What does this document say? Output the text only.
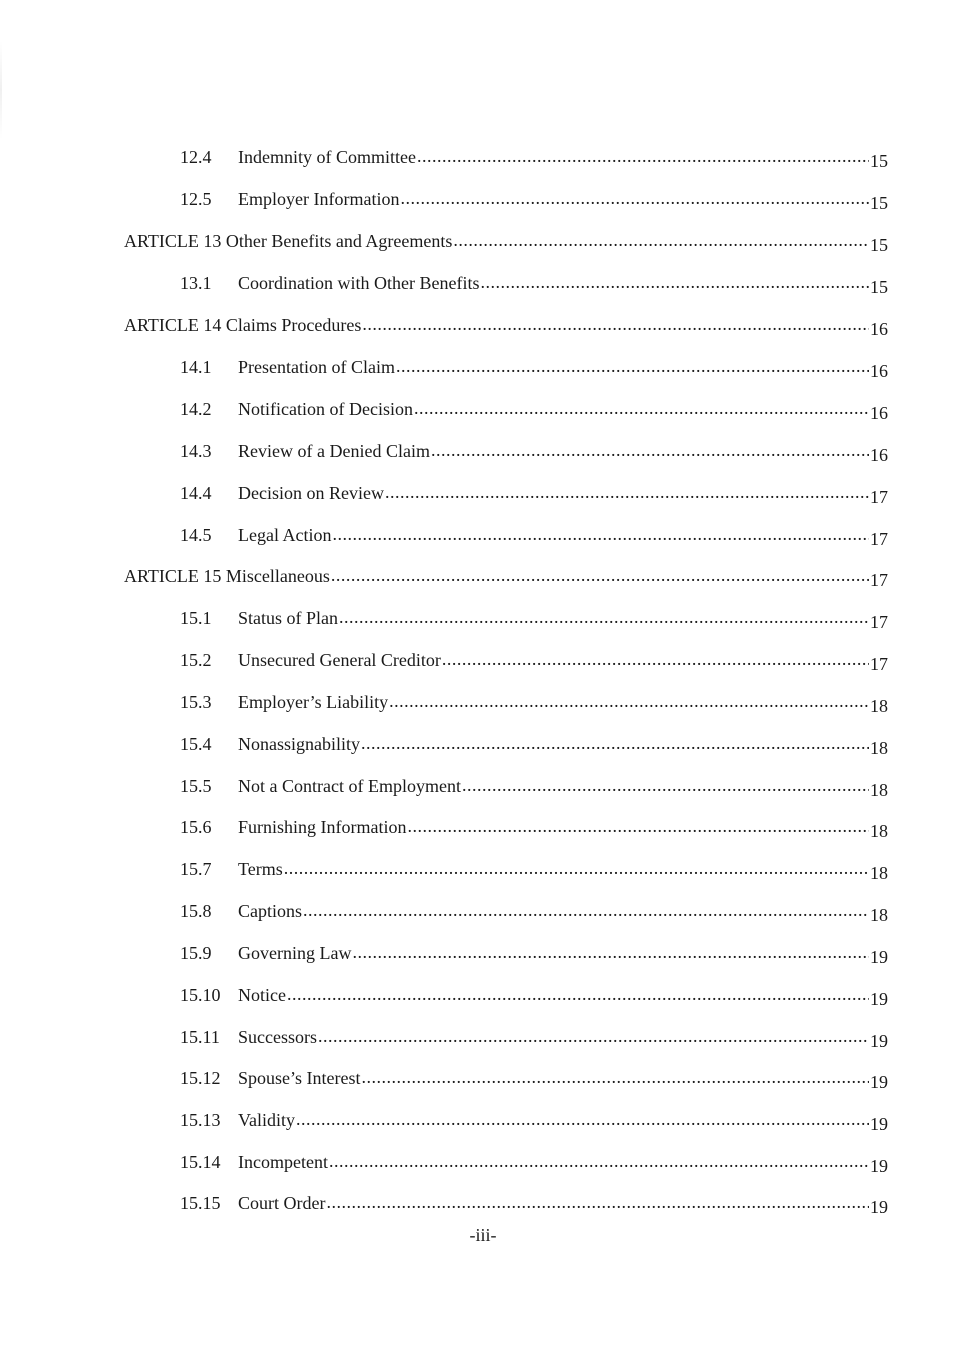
12.4	Indemnity of Committee .....	15
12.5	Employer Information .....	15
ARTICLE 13 Other Benefits and Agreements .....	15
13.1	Coordination with Other Benefits .....	15
ARTICLE 14 Claims Procedures .....	16
14.1	Presentation of Claim .....	16
14.2	Notification of Decision .....	16
14.3	Review of a Denied Claim .....	16
14.4	Decision on Review .....	17
14.5	Legal Action .....	17
ARTICLE 15 Miscellaneous .....	17
15.1	Status of Plan .....	17
15.2	Unsecured General Creditor .....	17
15.3	Employer’s Liability .....	18
15.4	Nonassignability .....	18
15.5	Not a Contract of Employment .....	18
15.6	Furnishing Information .....	18
15.7	Terms .....	18
15.8	Captions .....	18
15.9	Governing Law .....	19
15.10 Notice .....	19
15.11	Successors .....	19
15.12 Spouse’s Interest .....	19
15.13 Validity .....	19
15.14 Incompetent .....	19
15.15 Court Order .....	19
-iii-
